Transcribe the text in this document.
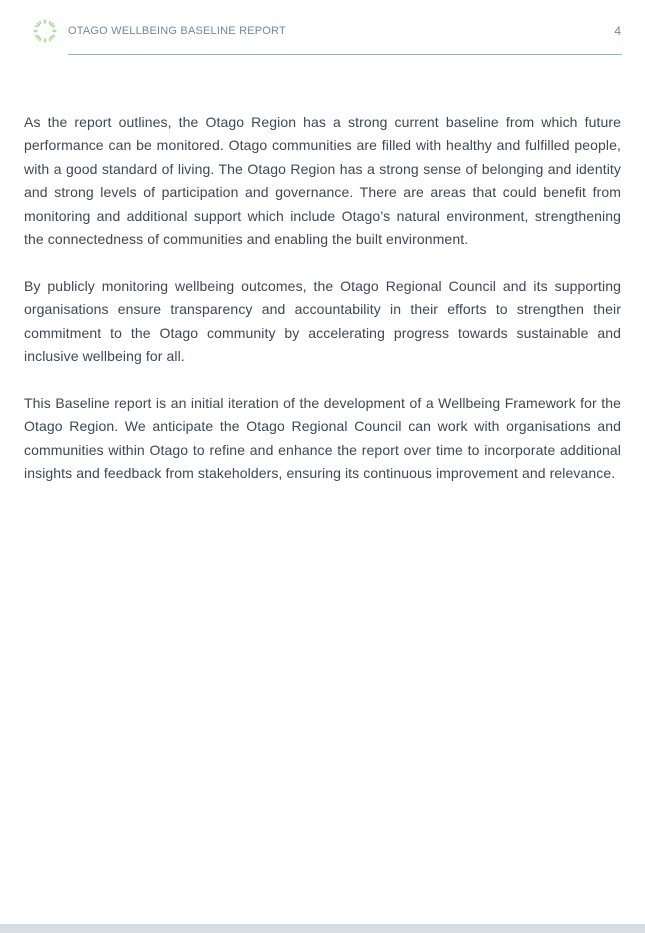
OTAGO WELLBEING BASELINE REPORT	4

As the report outlines, the Otago Region has a strong current baseline from which future performance can be monitored. Otago communities are filled with healthy and fulfilled people, with a good standard of living. The Otago Region has a strong sense of belonging and identity and strong levels of participation and governance. There are areas that could benefit from monitoring and additional support which include Otago’s natural environment, strengthening the connectedness of communities and enabling the built environment.

By publicly monitoring wellbeing outcomes, the Otago Regional Council and its supporting organisations ensure transparency and accountability in their efforts to strengthen their commitment to the Otago community by accelerating progress towards sustainable and inclusive wellbeing for all.

This Baseline report is an initial iteration of the development of a Wellbeing Framework for the Otago Region. We anticipate the Otago Regional Council can work with organisations and communities within Otago to refine and enhance the report over time to incorporate additional insights and feedback from stakeholders, ensuring its continuous improvement and relevance.
